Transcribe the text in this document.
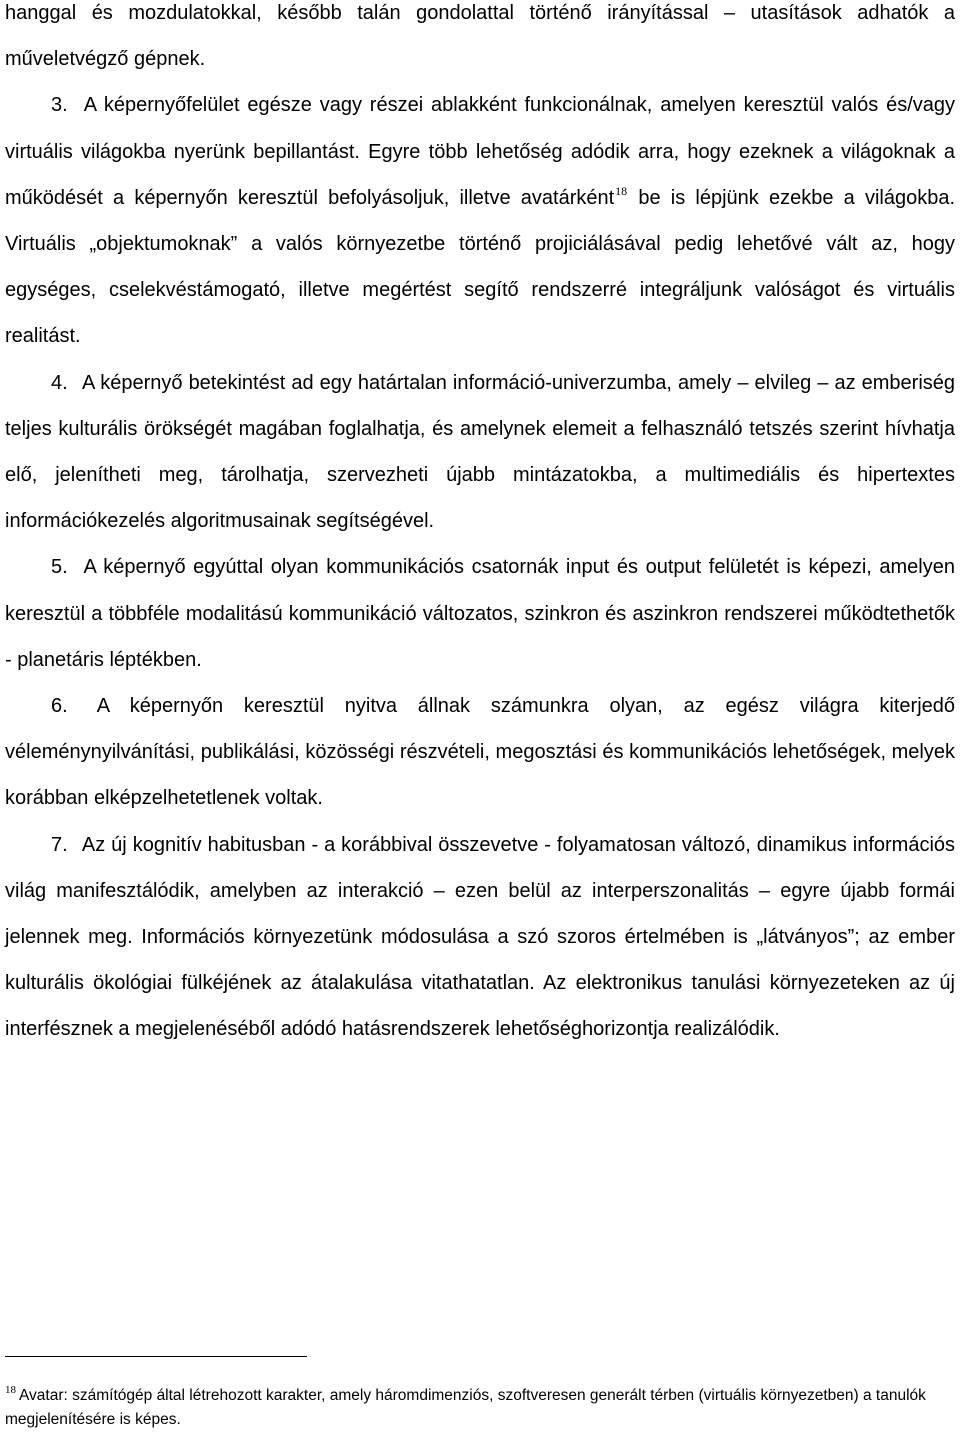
hanggal és mozdulatokkal, később talán gondolattal történő irányítással – utasítások adhatók a műveletvégző gépnek.

3. A képernyőfelület egésze vagy részei ablakként funkcionálnak, amelyen keresztül valós és/vagy virtuális világokba nyerünk bepillantást. Egyre több lehetőség adódik arra, hogy ezeknek a világoknak a működését a képernyőn keresztül befolyásoljuk, illetve avatárként$^{18}$ be is lépjünk ezekbe a világokba. Virtuális „objektumoknak” a valós környezetbe történő projiciálásával pedig lehetővé vált az, hogy egységes, cselekvéstámogató, illetve megértést segítő rendszerré integráljunk valóságot és virtuális realitást.

4. A képernyő betekintést ad egy határtalan információ-univerzumba, amely – elvileg – az emberiség teljes kulturális örökségét magában foglalhatja, és amelynek elemeit a felhasználó tetszés szerint hívhatja elő, jelenítheti meg, tárolhatja, szervezheti újabb mintázatokba, a multimediális és hipertextes információkezelés algoritmusainak segítségével.

5. A képernyő egyúttal olyan kommunikációs csatornák input és output felületét is képezi, amelyen keresztül a többféle modalitású kommunikáció változatos, szinkron és aszinkron rendszerei működtethetők - planetáris léptékben.

6. A képernyőn keresztül nyitva állnak számunkra olyan, az egész világra kiterjedő véleménynyilvánítási, publikálási, közösségi részvételi, megosztási és kommunikációs lehetőségek, melyek korábban elképzelhetetlenek voltak.

7. Az új kognitív habitusban - a korábbival összevetve - folyamatosan változó, dinamikus információs világ manifesztálódik, amelyben az interakció – ezen belül az interperszonalitás – egyre újabb formái jelennek meg. Információs környezetünk módosulása a szó szoros értelmében is „látványos”; az ember kulturális ökológiai fülkéjének az átalakulása vitathatatlan. Az elektronikus tanulási környezeteken az új interfésznek a megjelenéséből adódó hatásrendszerek lehetőséghorizontja realizálódik.

$^{18}$ Avatar: számítógép által létrehozott karakter, amely háromdimenziós, szoftveresen generált térben (virtuális környezetben) a tanulók megjelenítésére is képes.
